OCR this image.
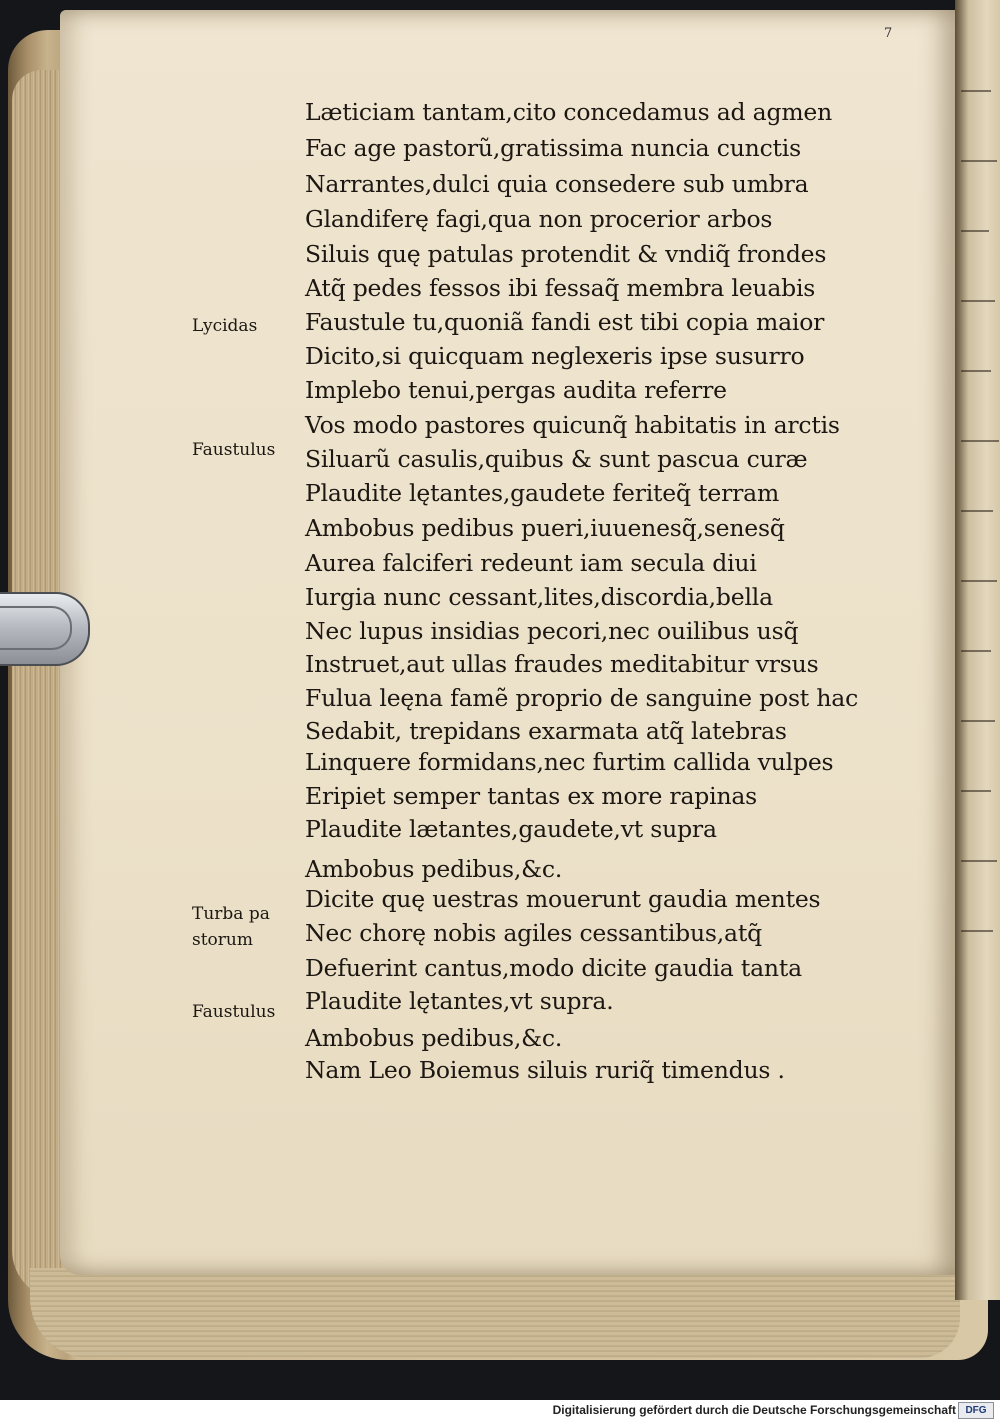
7
Lycidas
Faustulus
Turba pa
storum
Faustulus
Læticiam tantam,cito concedamus ad agmen
Fac age pastorũ,gratissima nuncia cunctis
Narrantes,dulci quia consedere sub umbra
Glandiferę fagi,qua non procerior arbos
Siluis quę patulas protendit & vndiq̃ frondes
Atq̃ pedes fessos ibi fessaq̃ membra leuabis
Faustule tu,quoniã fandi est tibi copia maior
Dicito,si quicquam neglexeris ipse susurro
Implebo tenui,pergas audita referre
Vos modo pastores quicunq̃ habitatis in arctis
Siluarũ casulis,quibus & sunt pascua curæ
Plaudite lętantes,gaudete feriteq̃ terram
Ambobus pedibus pueri,iuuenesq̃,senesq̃
Aurea falciferi redeunt iam secula diui
Iurgia nunc cessant,lites,discordia,bella
Nec lupus insidias pecori,nec ouilibus usq̃
Instruet,aut ullas fraudes meditabitur vrsus
Fulua leęna famẽ proprio de sanguine post hac
Sedabit, trepidans exarmata atq̃ latebras
Linquere formidans,nec furtim callida vulpes
Eripiet semper tantas ex more rapinas
Plaudite lætantes,gaudete,vt supra
Ambobus pedibus,&c.
Dicite quę uestras mouerunt gaudia mentes
Nec chorę nobis agiles cessantibus,atq̃
Defuerint cantus,modo dicite gaudia tanta
Plaudite lętantes,vt supra.
Ambobus pedibus,&c.
Nam Leo Boiemus siluis ruriq̃ timendus .
Digitalisierung gefördert durch die Deutsche Forschungsgemeinschaft DFG
